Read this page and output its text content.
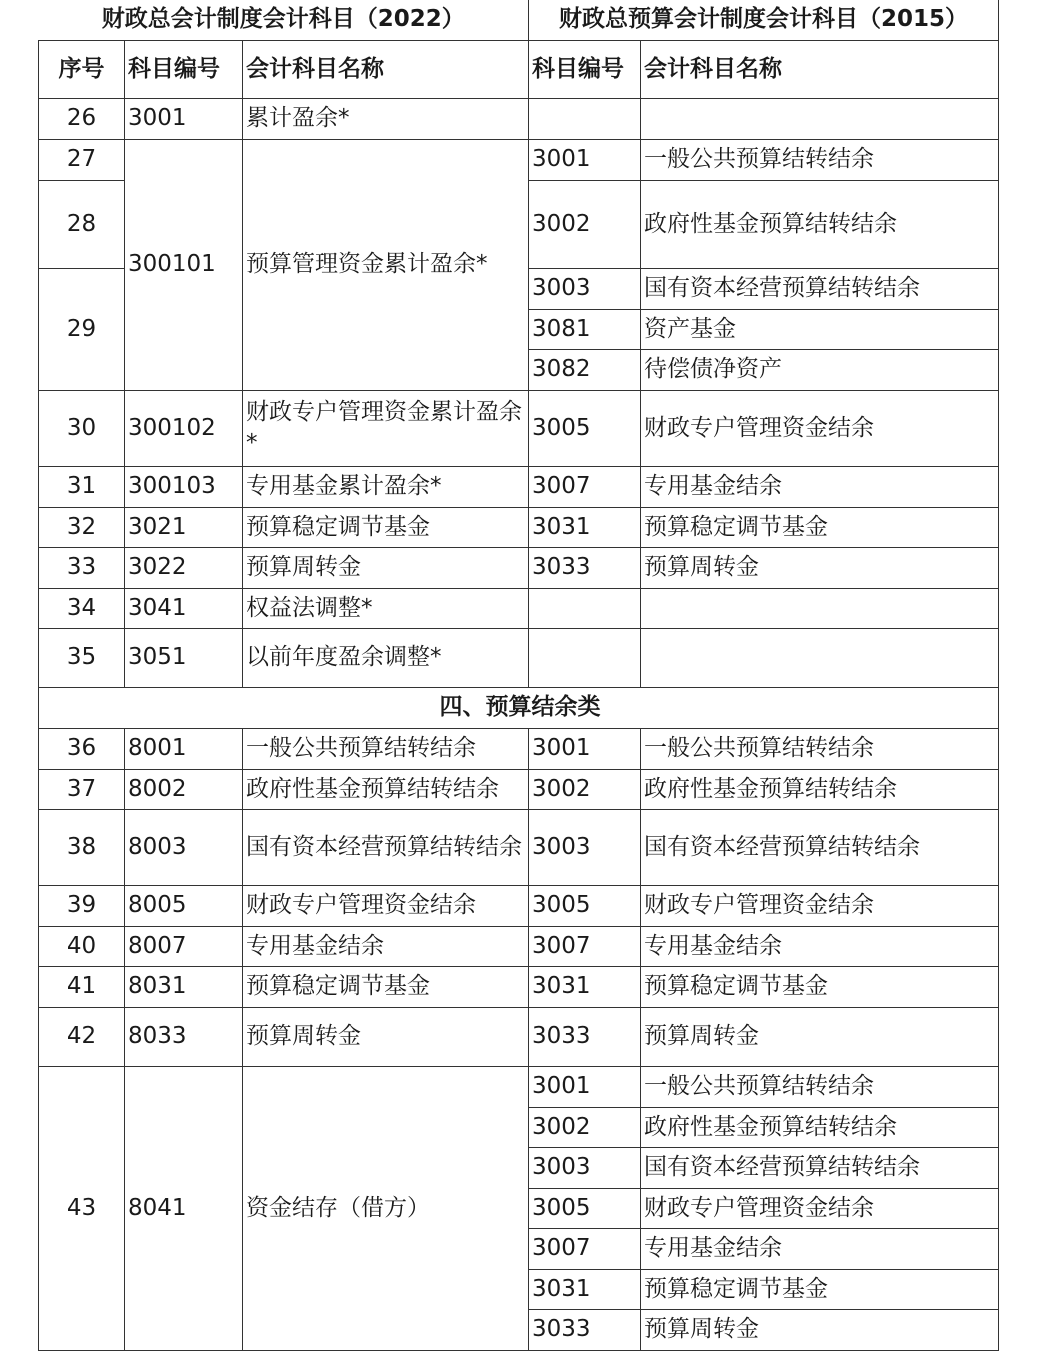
财政总会计制度会计科目（2022）			财政总预算会计制度会计科目（2015）	
序号	科目编号	会计科目名称	科目编号	会计科目名称
26	3001	累计盈余*		
27	300101	预算管理资金累计盈余*	3001	一般公共预算结转结余
28			3002	政府性基金预算结转结余
29			3003	国有资本经营预算结转结余
			3081	资产基金
			3082	待偿债净资产
30	300102	财政专户管理资金累计盈余*	3005	财政专户管理资金结余
31	300103	专用基金累计盈余*	3007	专用基金结余
32	3021	预算稳定调节基金	3031	预算稳定调节基金
33	3022	预算周转金	3033	预算周转金
34	3041	权益法调整*		
35	3051	以前年度盈余调整*		
四、预算结余类				
36	8001	一般公共预算结转结余	3001	一般公共预算结转结余
37	8002	政府性基金预算结转结余	3002	政府性基金预算结转结余
38	8003	国有资本经营预算结转结余	3003	国有资本经营预算结转结余
39	8005	财政专户管理资金结余	3005	财政专户管理资金结余
40	8007	专用基金结余	3007	专用基金结余
41	8031	预算稳定调节基金	3031	预算稳定调节基金
42	8033	预算周转金	3033	预算周转金
43	8041	资金结存（借方）	3001	一般公共预算结转结余
			3002	政府性基金预算结转结余
			3003	国有资本经营预算结转结余
			3005	财政专户管理资金结余
			3007	专用基金结余
			3031	预算稳定调节基金
			3033	预算周转金
